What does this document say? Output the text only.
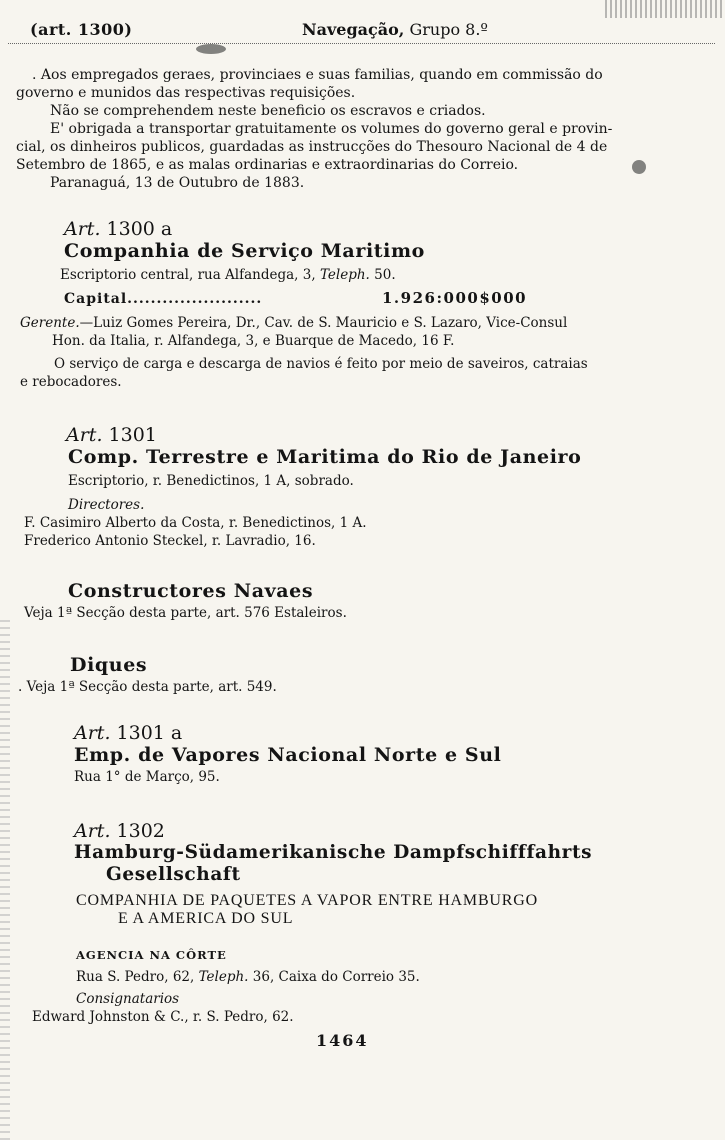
(art. 1300)	Navegação, Grupo 8.º
. Aos empregados geraes, provinciaes e suas familias, quando em commissão do
governo e munidos das respectivas requisições.
Não se comprehendem neste beneficio os escravos e criados.
E' obrigada a transportar gratuitamente os volumes do governo geral e provin-
cial, os dinheiros publicos, guardadas as instrucções do Thesouro Nacional de 4 de
Setembro de 1865, e as malas ordinarias e extraordinarias do Correio.
Paranaguá, 13 de Outubro de 1883.
Art. 1300 a
Companhia de Serviço Maritimo
Escriptorio central, rua Alfandega, 3, Teleph. 50.
Capital.......................	1.926:000$000
Gerente.—Luiz Gomes Pereira, Dr., Cav. de S. Mauricio e S. Lazaro, Vice-Consul
Hon. da Italia, r. Alfandega, 3, e Buarque de Macedo, 16 F.
O serviço de carga e descarga de navios é feito por meio de saveiros, catraias
e rebocadores.
Art. 1301
Comp. Terrestre e Maritima do Rio de Janeiro
Escriptorio, r. Benedictinos, 1 A, sobrado.
Directores.
F. Casimiro Alberto da Costa, r. Benedictinos, 1 A.
Frederico Antonio Steckel, r. Lavradio, 16.
Constructores Navaes
Veja 1ª Secção desta parte, art. 576 Estaleiros.
Diques
. Veja 1ª Secção desta parte, art. 549.
Art. 1301 a
Emp. de Vapores Nacional Norte e Sul
Rua 1° de Março, 95.
Art. 1302
Hamburg-Südamerikanische Dampfschifffahrts
Gesellschaft
COMPANHIA DE PAQUETES A VAPOR ENTRE HAMBURGO
E A AMERICA DO SUL
AGENCIA NA CÔRTE
Rua S. Pedro, 62, Teleph. 36, Caixa do Correio 35.
Consignatarios
Edward Johnston & C., r. S. Pedro, 62.
1464
